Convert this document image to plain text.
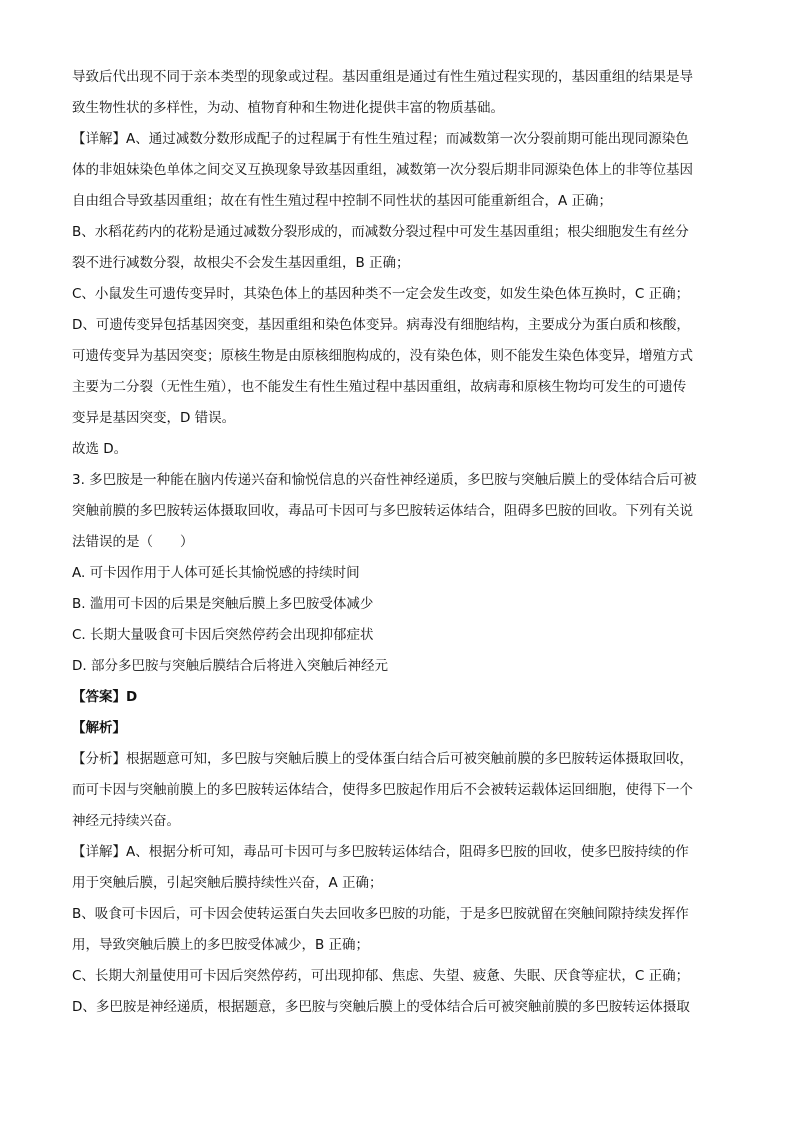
导致后代出现不同于亲本类型的现象或过程。基因重组是通过有性生殖过程实现的，基因重组的结果是导
致生物性状的多样性，为动、植物育种和生物进化提供丰富的物质基础。
【详解】A、通过减数分数形成配子的过程属于有性生殖过程；而减数第一次分裂前期可能出现同源染色
体的非姐妹染色单体之间交叉互换现象导致基因重组，减数第一次分裂后期非同源染色体上的非等位基因
自由组合导致基因重组；故在有性生殖过程中控制不同性状的基因可能重新组合，A 正确；
B、水稻花药内的花粉是通过减数分裂形成的，而减数分裂过程中可发生基因重组；根尖细胞发生有丝分
裂不进行减数分裂，故根尖不会发生基因重组，B 正确；
C、小鼠发生可遗传变异时，其染色体上的基因种类不一定会发生改变，如发生染色体互换时，C 正确；
D、可遗传变异包括基因突变，基因重组和染色体变异。病毒没有细胞结构，主要成分为蛋白质和核酸，
可遗传变异为基因突变；原核生物是由原核细胞构成的，没有染色体，则不能发生染色体变异，增殖方式
主要为二分裂（无性生殖），也不能发生有性生殖过程中基因重组，故病毒和原核生物均可发生的可遗传
变异是基因突变，D 错误。
故选 D。
3. 多巴胺是一种能在脑内传递兴奋和愉悦信息的兴奋性神经递质，多巴胺与突触后膜上的受体结合后可被
突触前膜的多巴胺转运体摄取回收，毒品可卡因可与多巴胺转运体结合，阻碍多巴胺的回收。下列有关说
法错误的是（　　）
A. 可卡因作用于人体可延长其愉悦感的持续时间
B. 滥用可卡因的后果是突触后膜上多巴胺受体减少
C. 长期大量吸食可卡因后突然停药会出现抑郁症状
D. 部分多巴胺与突触后膜结合后将进入突触后神经元
【答案】D
【解析】
【分析】根据题意可知，多巴胺与突触后膜上的受体蛋白结合后可被突触前膜的多巴胺转运体摄取回收，
而可卡因与突触前膜上的多巴胺转运体结合，使得多巴胺起作用后不会被转运载体运回细胞，使得下一个
神经元持续兴奋。
【详解】A、根据分析可知，毒品可卡因可与多巴胺转运体结合，阻碍多巴胺的回收，使多巴胺持续的作
用于突触后膜，引起突触后膜持续性兴奋，A 正确；
B、吸食可卡因后，可卡因会使转运蛋白失去回收多巴胺的功能，于是多巴胺就留在突触间隙持续发挥作
用，导致突触后膜上的多巴胺受体减少，B 正确；
C、长期大剂量使用可卡因后突然停药，可出现抑郁、焦虑、失望、疲惫、失眠、厌食等症状，C 正确；
D、多巴胺是神经递质，根据题意，多巴胺与突触后膜上的受体结合后可被突触前膜的多巴胺转运体摄取
